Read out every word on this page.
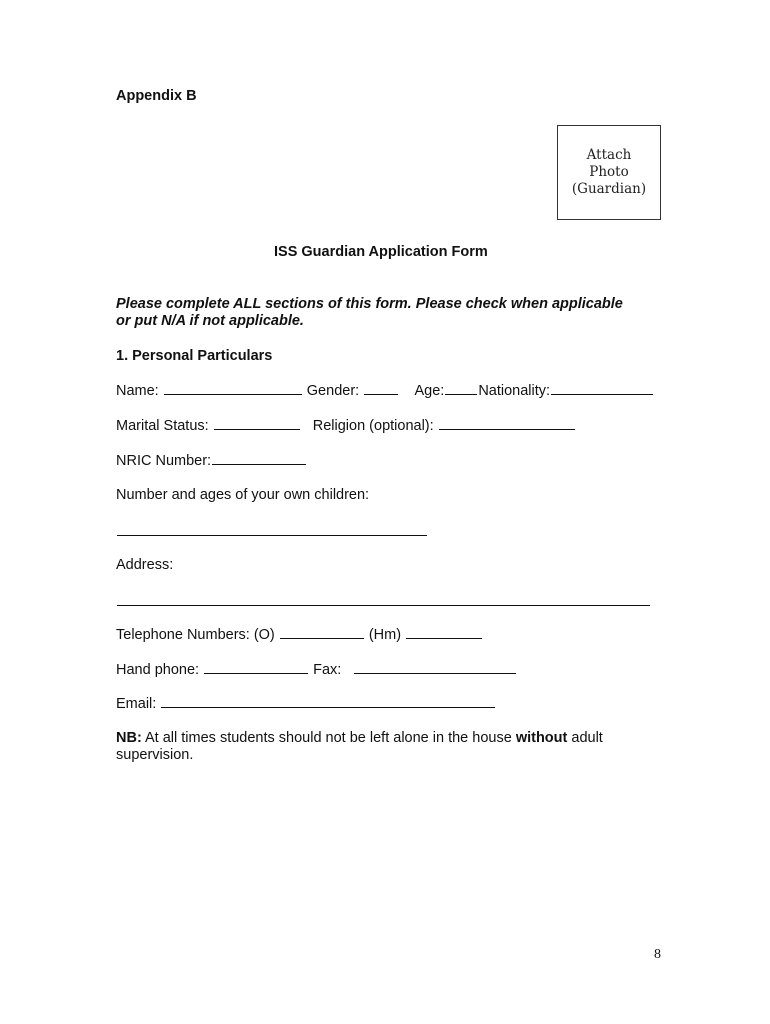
Appendix B
Attach
Photo
(Guardian)
ISS Guardian Application Form
Please complete ALL sections of this form. Please check when applicable
or put N/A if not applicable.
1. Personal Particulars
Name:	Gender:	Age: Nationality:
Marital Status:	Religion (optional):
NRIC Number:
Number and ages of your own children:
Address:
Telephone Numbers: (O)	(Hm)
Hand phone:	Fax:
Email:
NB: At all times students should not be left alone in the house without adult
supervision.
8
